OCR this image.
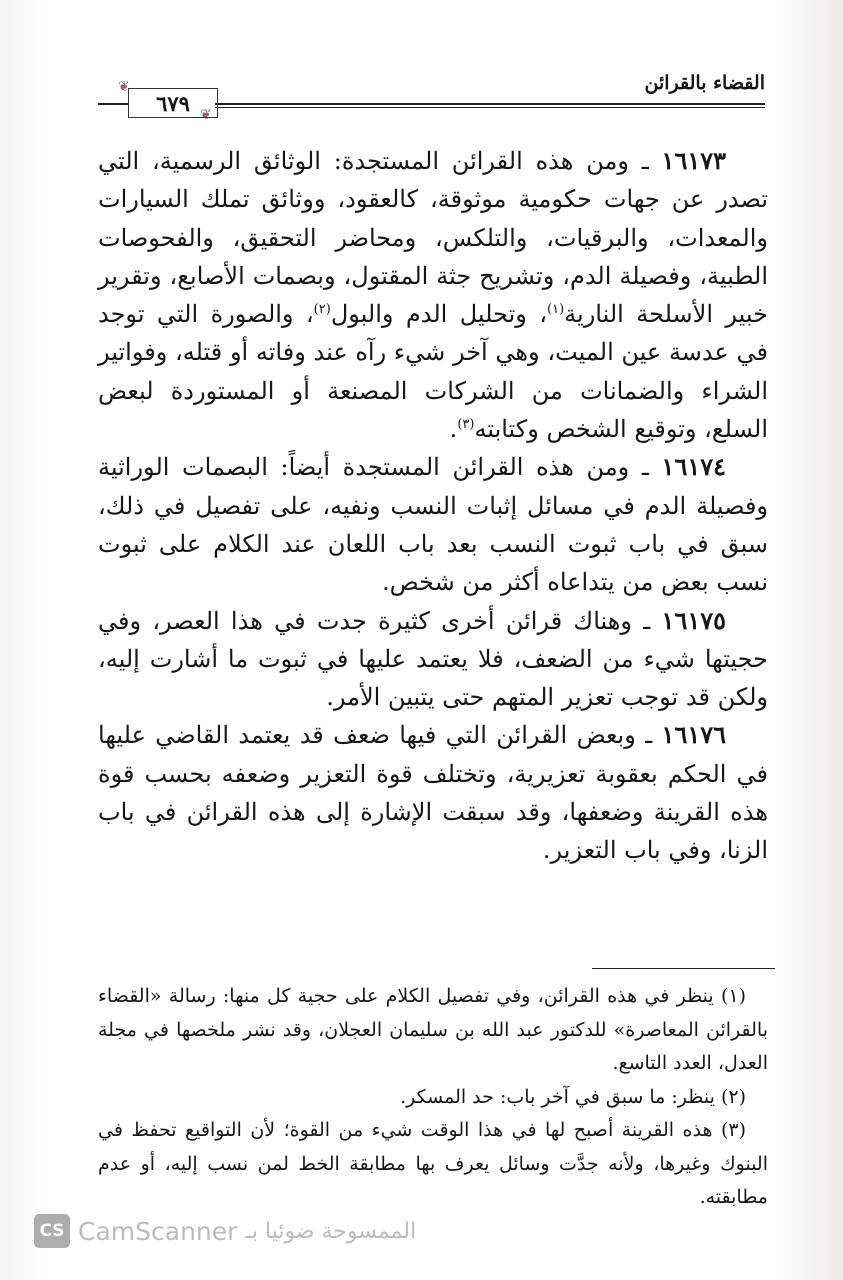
القضاء بالقرائن
❦
❦
٦٧٩

١٦١٧٣ ـ ومن هذه القرائن المستجدة: الوثائق الرسمية، التي تصدر عن جهات حكومية موثوقة، كالعقود، ووثائق تملك السيارات والمعدات، والبرقيات، والتلكس، ومحاضر التحقيق، والفحوصات الطبية، وفصيلة الدم، وتشريح جثة المقتول، وبصمات الأصابع، وتقرير خبير الأسلحة النارية$^{(١)}$، وتحليل الدم والبول$^{(٢)}$، والصورة التي توجد في عدسة عين الميت، وهي آخر شيء رآه عند وفاته أو قتله، وفواتير الشراء والضمانات من الشركات المصنعة أو المستوردة لبعض السلع، وتوقيع الشخص وكتابته$^{(٣)}$.

١٦١٧٤ ـ ومن هذه القرائن المستجدة أيضاً: البصمات الوراثية وفصيلة الدم في مسائل إثبات النسب ونفيه، على تفصيل في ذلك، سبق في باب ثبوت النسب بعد باب اللعان عند الكلام على ثبوت نسب بعض من يتداعاه أكثر من شخص.

١٦١٧٥ ـ وهناك قرائن أخرى كثيرة جدت في هذا العصر، وفي حجيتها شيء من الضعف، فلا يعتمد عليها في ثبوت ما أشارت إليه، ولكن قد توجب تعزير المتهم حتى يتبين الأمر.

١٦١٧٦ ـ وبعض القرائن التي فيها ضعف قد يعتمد القاضي عليها في الحكم بعقوبة تعزيرية، وتختلف قوة التعزير وضعفه بحسب قوة هذه القرينة وضعفها، وقد سبقت الإشارة إلى هذه القرائن في باب الزنا، وفي باب التعزير.

(١) ينظر في هذه القرائن، وفي تفصيل الكلام على حجية كل منها: رسالة «القضاء بالقرائن المعاصرة» للدكتور عبد الله بن سليمان العجلان، وقد نشر ملخصها في مجلة العدل، العدد التاسع.

(٢) ينظر: ما سبق في آخر باب: حد المسكر.

(٣) هذه القرينة أصبح لها في هذا الوقت شيء من القوة؛ لأن التواقيع تحفظ في البنوك وغيرها، ولأنه جدَّت وسائل يعرف بها مطابقة الخط لمن نسب إليه، أو عدم مطابقته.

CS CamScanner الممسوحة ضوئيا بـ
